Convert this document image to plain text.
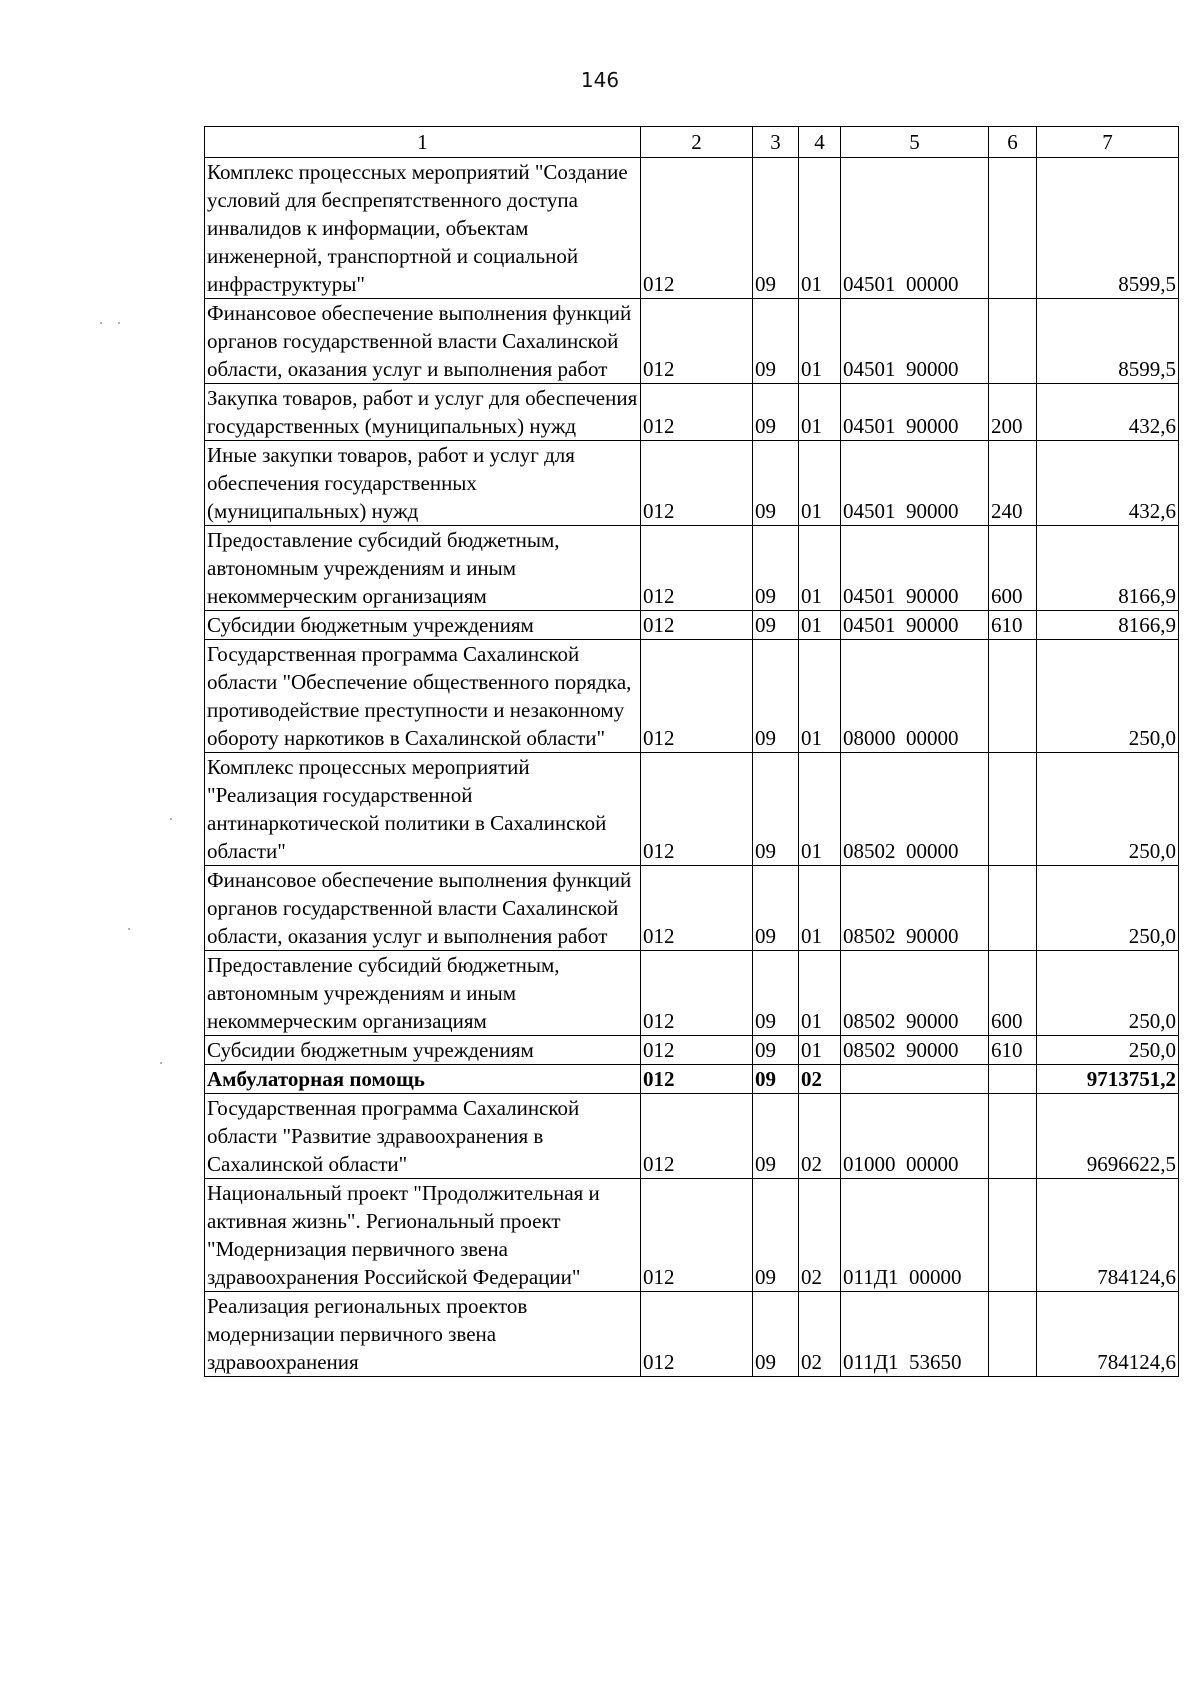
146
1	2	3	4	5	6	7
Комплекс процессных мероприятий "Создание условий для беспрепятственного доступа инвалидов к информации, объектам инженерной, транспортной и социальной инфраструктуры"	012	09	01	04501  00000		8599,5
Финансовое обеспечение выполнения функций органов государственной власти Сахалинской области, оказания услуг и выполнения работ	012	09	01	04501  90000		8599,5
Закупка товаров, работ и услуг для обеспечения государственных (муниципальных) нужд	012	09	01	04501  90000	200	432,6
Иные закупки товаров, работ и услуг для обеспечения государственных (муниципальных) нужд	012	09	01	04501  90000	240	432,6
Предоставление субсидий бюджетным, автономным учреждениям и иным некоммерческим организациям	012	09	01	04501  90000	600	8166,9
Субсидии бюджетным учреждениям	012	09	01	04501  90000	610	8166,9
Государственная программа Сахалинской области "Обеспечение общественного порядка, противодействие преступности и незаконному обороту наркотиков в Сахалинской области"	012	09	01	08000  00000		250,0
Комплекс процессных мероприятий "Реализация государственной антинаркотической политики в Сахалинской области"	012	09	01	08502  00000		250,0
Финансовое обеспечение выполнения функций органов государственной власти Сахалинской области, оказания услуг и выполнения работ	012	09	01	08502  90000		250,0
Предоставление субсидий бюджетным, автономным учреждениям и иным некоммерческим организациям	012	09	01	08502  90000	600	250,0
Субсидии бюджетным учреждениям	012	09	01	08502  90000	610	250,0
Амбулаторная помощь	012	09	02			9713751,2
Государственная программа Сахалинской области "Развитие здравоохранения в Сахалинской области"	012	09	02	01000  00000		9696622,5
Национальный проект "Продолжительная и активная жизнь". Региональный проект "Модернизация первичного звена здравоохранения Российской Федерации"	012	09	02	011Д1  00000		784124,6
Реализация региональных проектов модернизации первичного звена здравоохранения	012	09	02	011Д1  53650		784124,6
